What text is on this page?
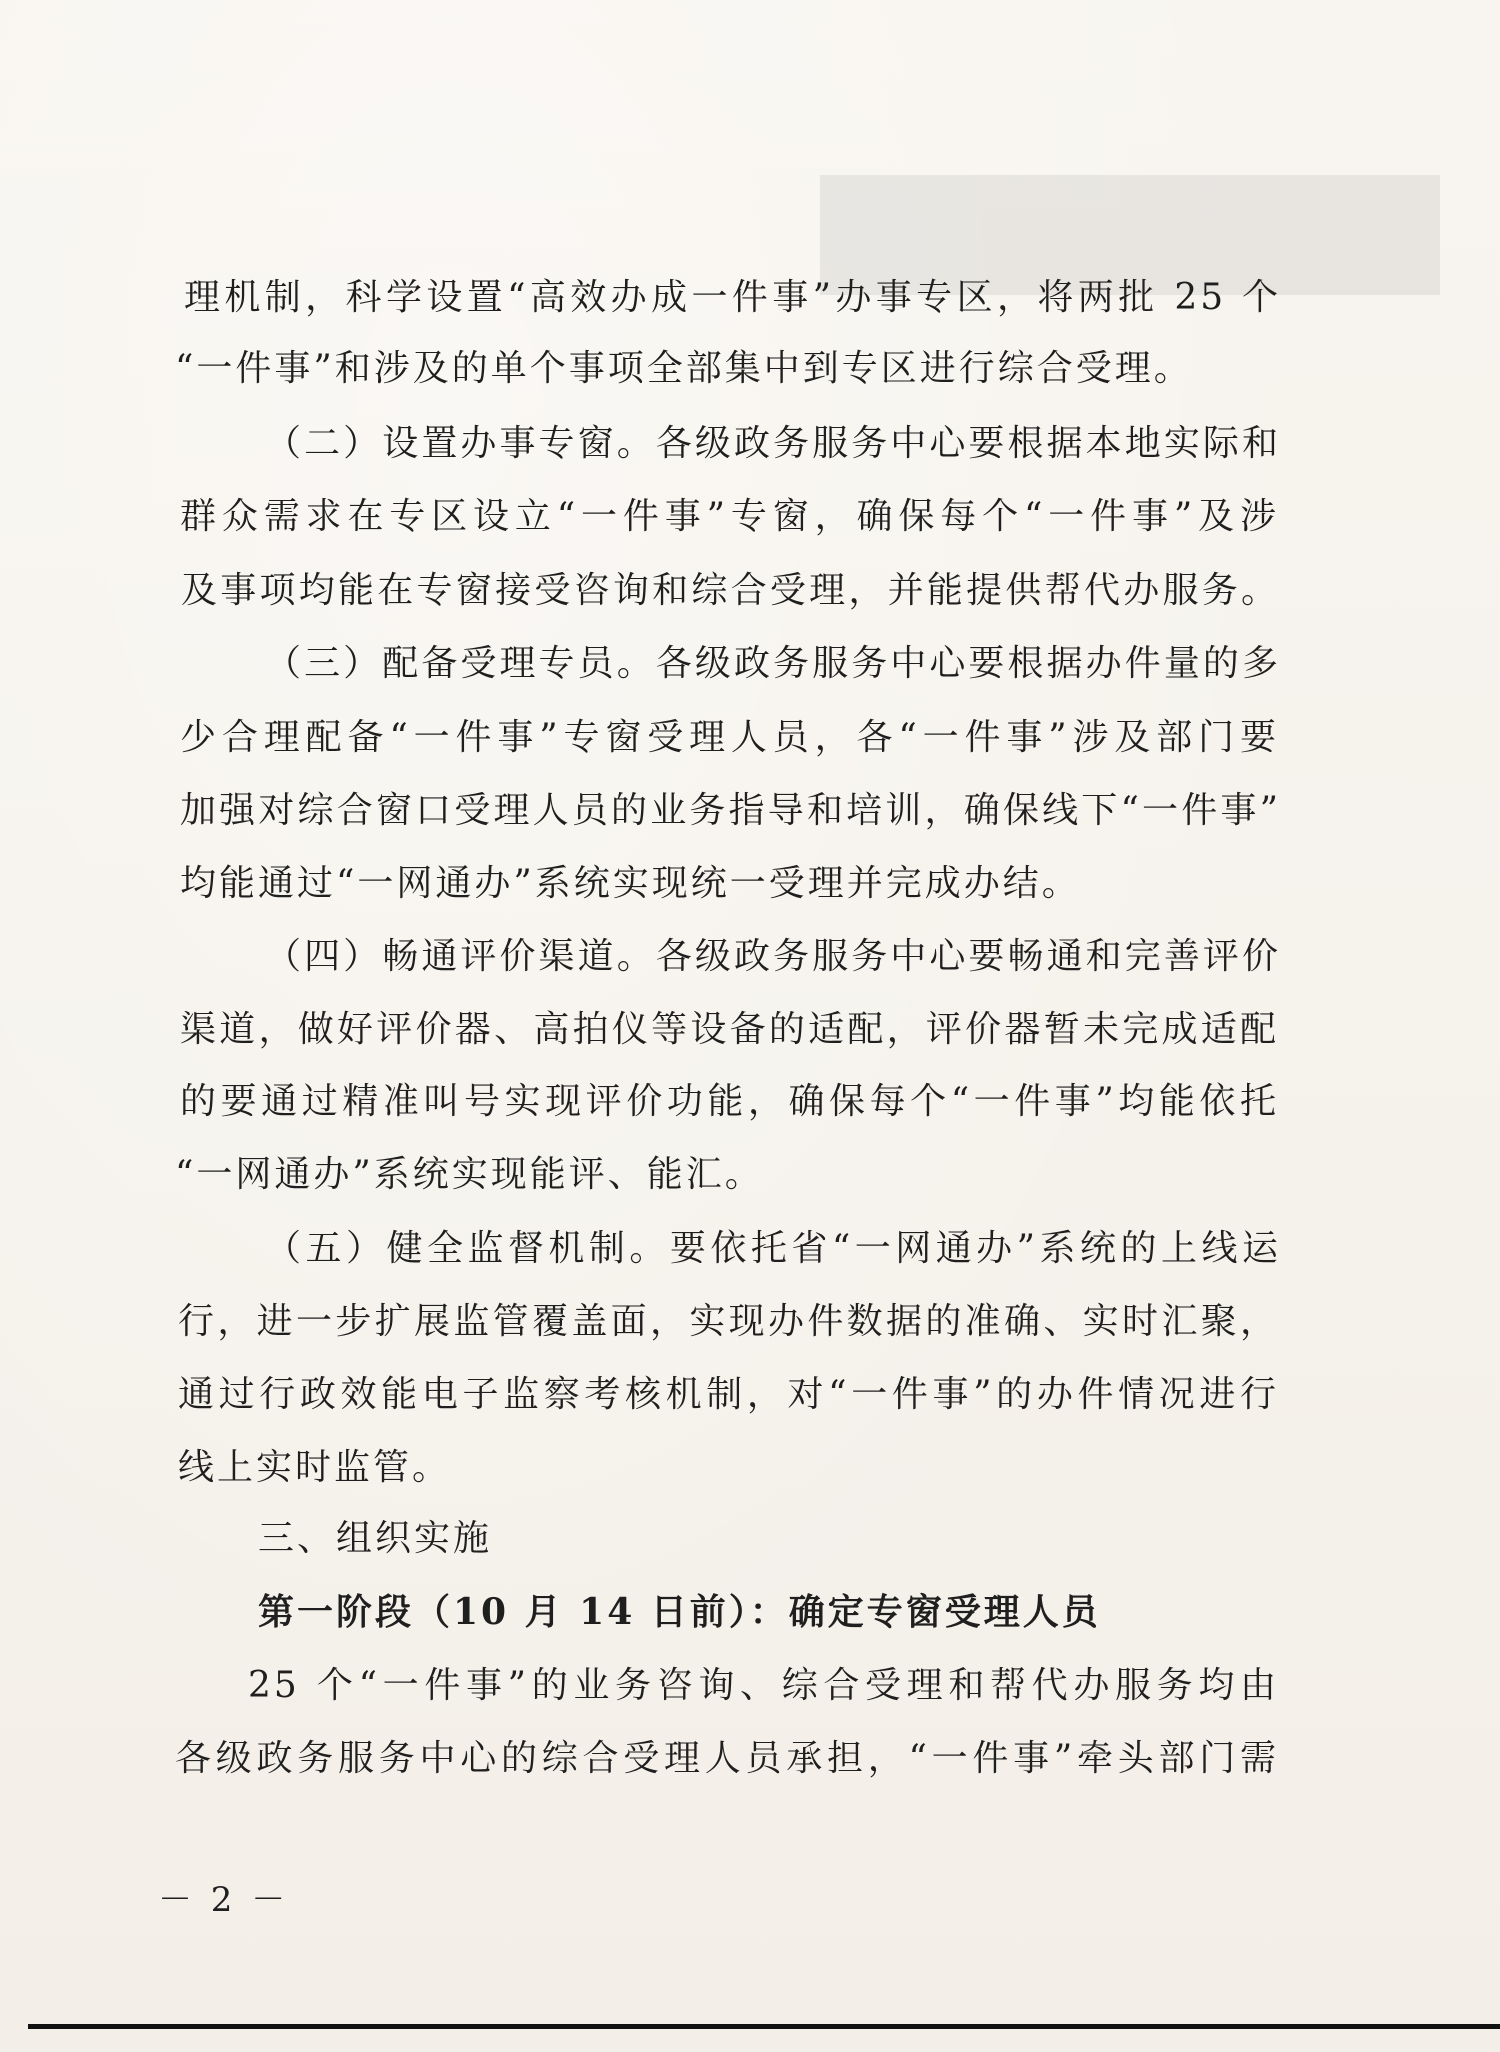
理机制，科学设置“高效办成一件事”办事专区，将两批 25 个
“一件事”和涉及的单个事项全部集中到专区进行综合受理。
（二）设置办事专窗。各级政务服务中心要根据本地实际和
群众需求在专区设立“一件事”专窗，确保每个“一件事”及涉
及事项均能在专窗接受咨询和综合受理，并能提供帮代办服务。
（三）配备受理专员。各级政务服务中心要根据办件量的多
少合理配备“一件事”专窗受理人员，各“一件事”涉及部门要
加强对综合窗口受理人员的业务指导和培训，确保线下“一件事”
均能通过“一网通办”系统实现统一受理并完成办结。
（四）畅通评价渠道。各级政务服务中心要畅通和完善评价
渠道，做好评价器、高拍仪等设备的适配，评价器暂未完成适配
的要通过精准叫号实现评价功能，确保每个“一件事”均能依托
“一网通办”系统实现能评、能汇。
（五）健全监督机制。要依托省“一网通办”系统的上线运
行，进一步扩展监管覆盖面，实现办件数据的准确、实时汇聚，
通过行政效能电子监察考核机制，对“一件事”的办件情况进行
线上实时监管。
三、组织实施
第一阶段（10 月 14 日前）：确定专窗受理人员
25 个“一件事”的业务咨询、综合受理和帮代办服务均由
各级政务服务中心的综合受理人员承担，“一件事”牵头部门需
－ 2 －
